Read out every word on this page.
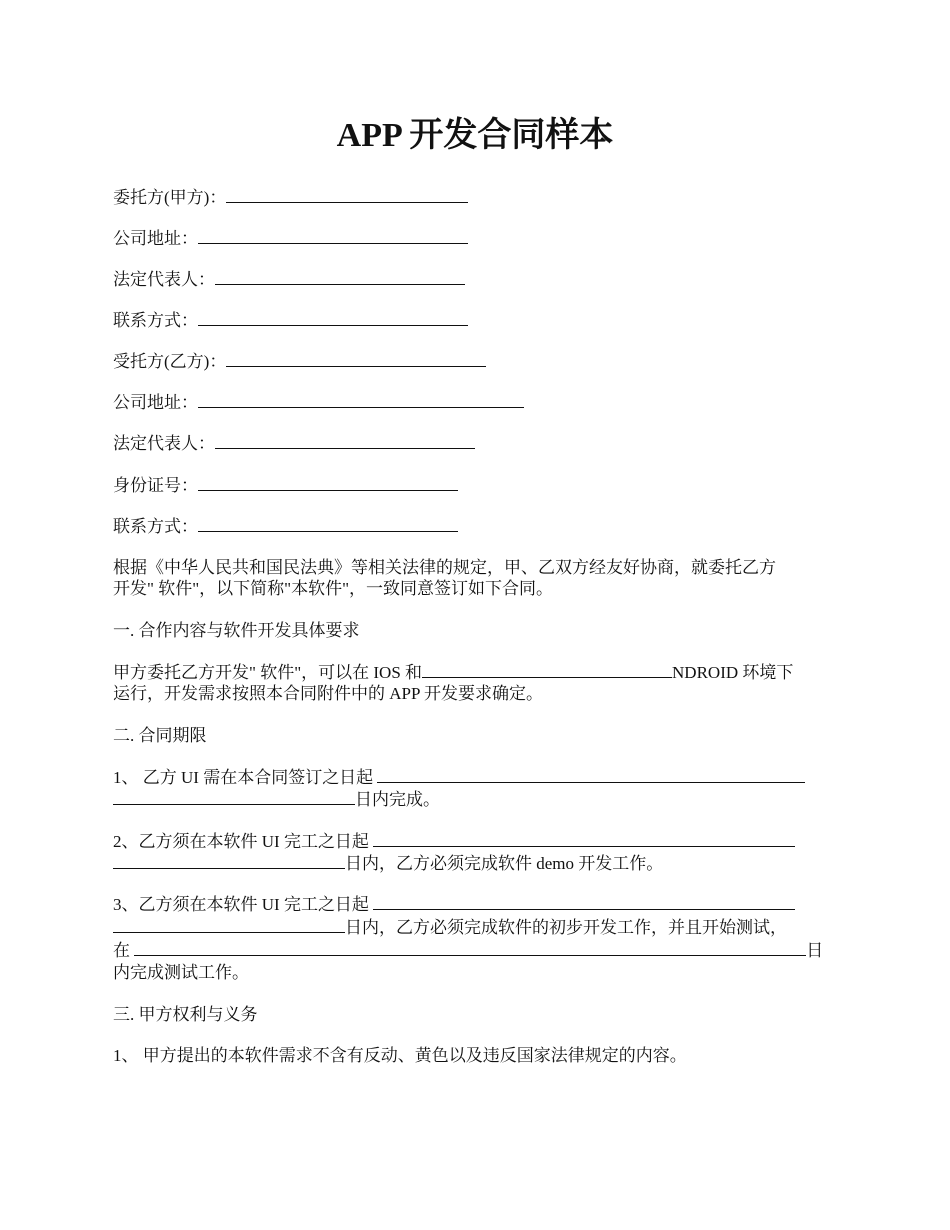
APP 开发合同样本
委托方(甲方)：
公司地址：
法定代表人：
联系方式：
受托方(乙方)：
公司地址：
法定代表人：
身份证号：
联系方式：
根据《中华人民共和国民法典》等相关法律的规定，甲、乙双方经友好协商，就委托乙方
开发" 软件"，以下简称"本软件"，一致同意签订如下合同。
一. 合作内容与软件开发具体要求
甲方委托乙方开发" 软件"，可以在 IOS 和	NDROID 环境下
运行，开发需求按照本合同附件中的 APP 开发要求确定。
二. 合同期限
1、 乙方 UI 需在本合同签订之日起
日内完成。
2、乙方须在本软件 UI 完工之日起
日内，乙方必须完成软件 demo 开发工作。
3、乙方须在本软件 UI 完工之日起
日内，乙方必须完成软件的初步开发工作，并且开始测试，
在	日
内完成测试工作。
三. 甲方权利与义务
1、 甲方提出的本软件需求不含有反动、黄色以及违反国家法律规定的内容。
